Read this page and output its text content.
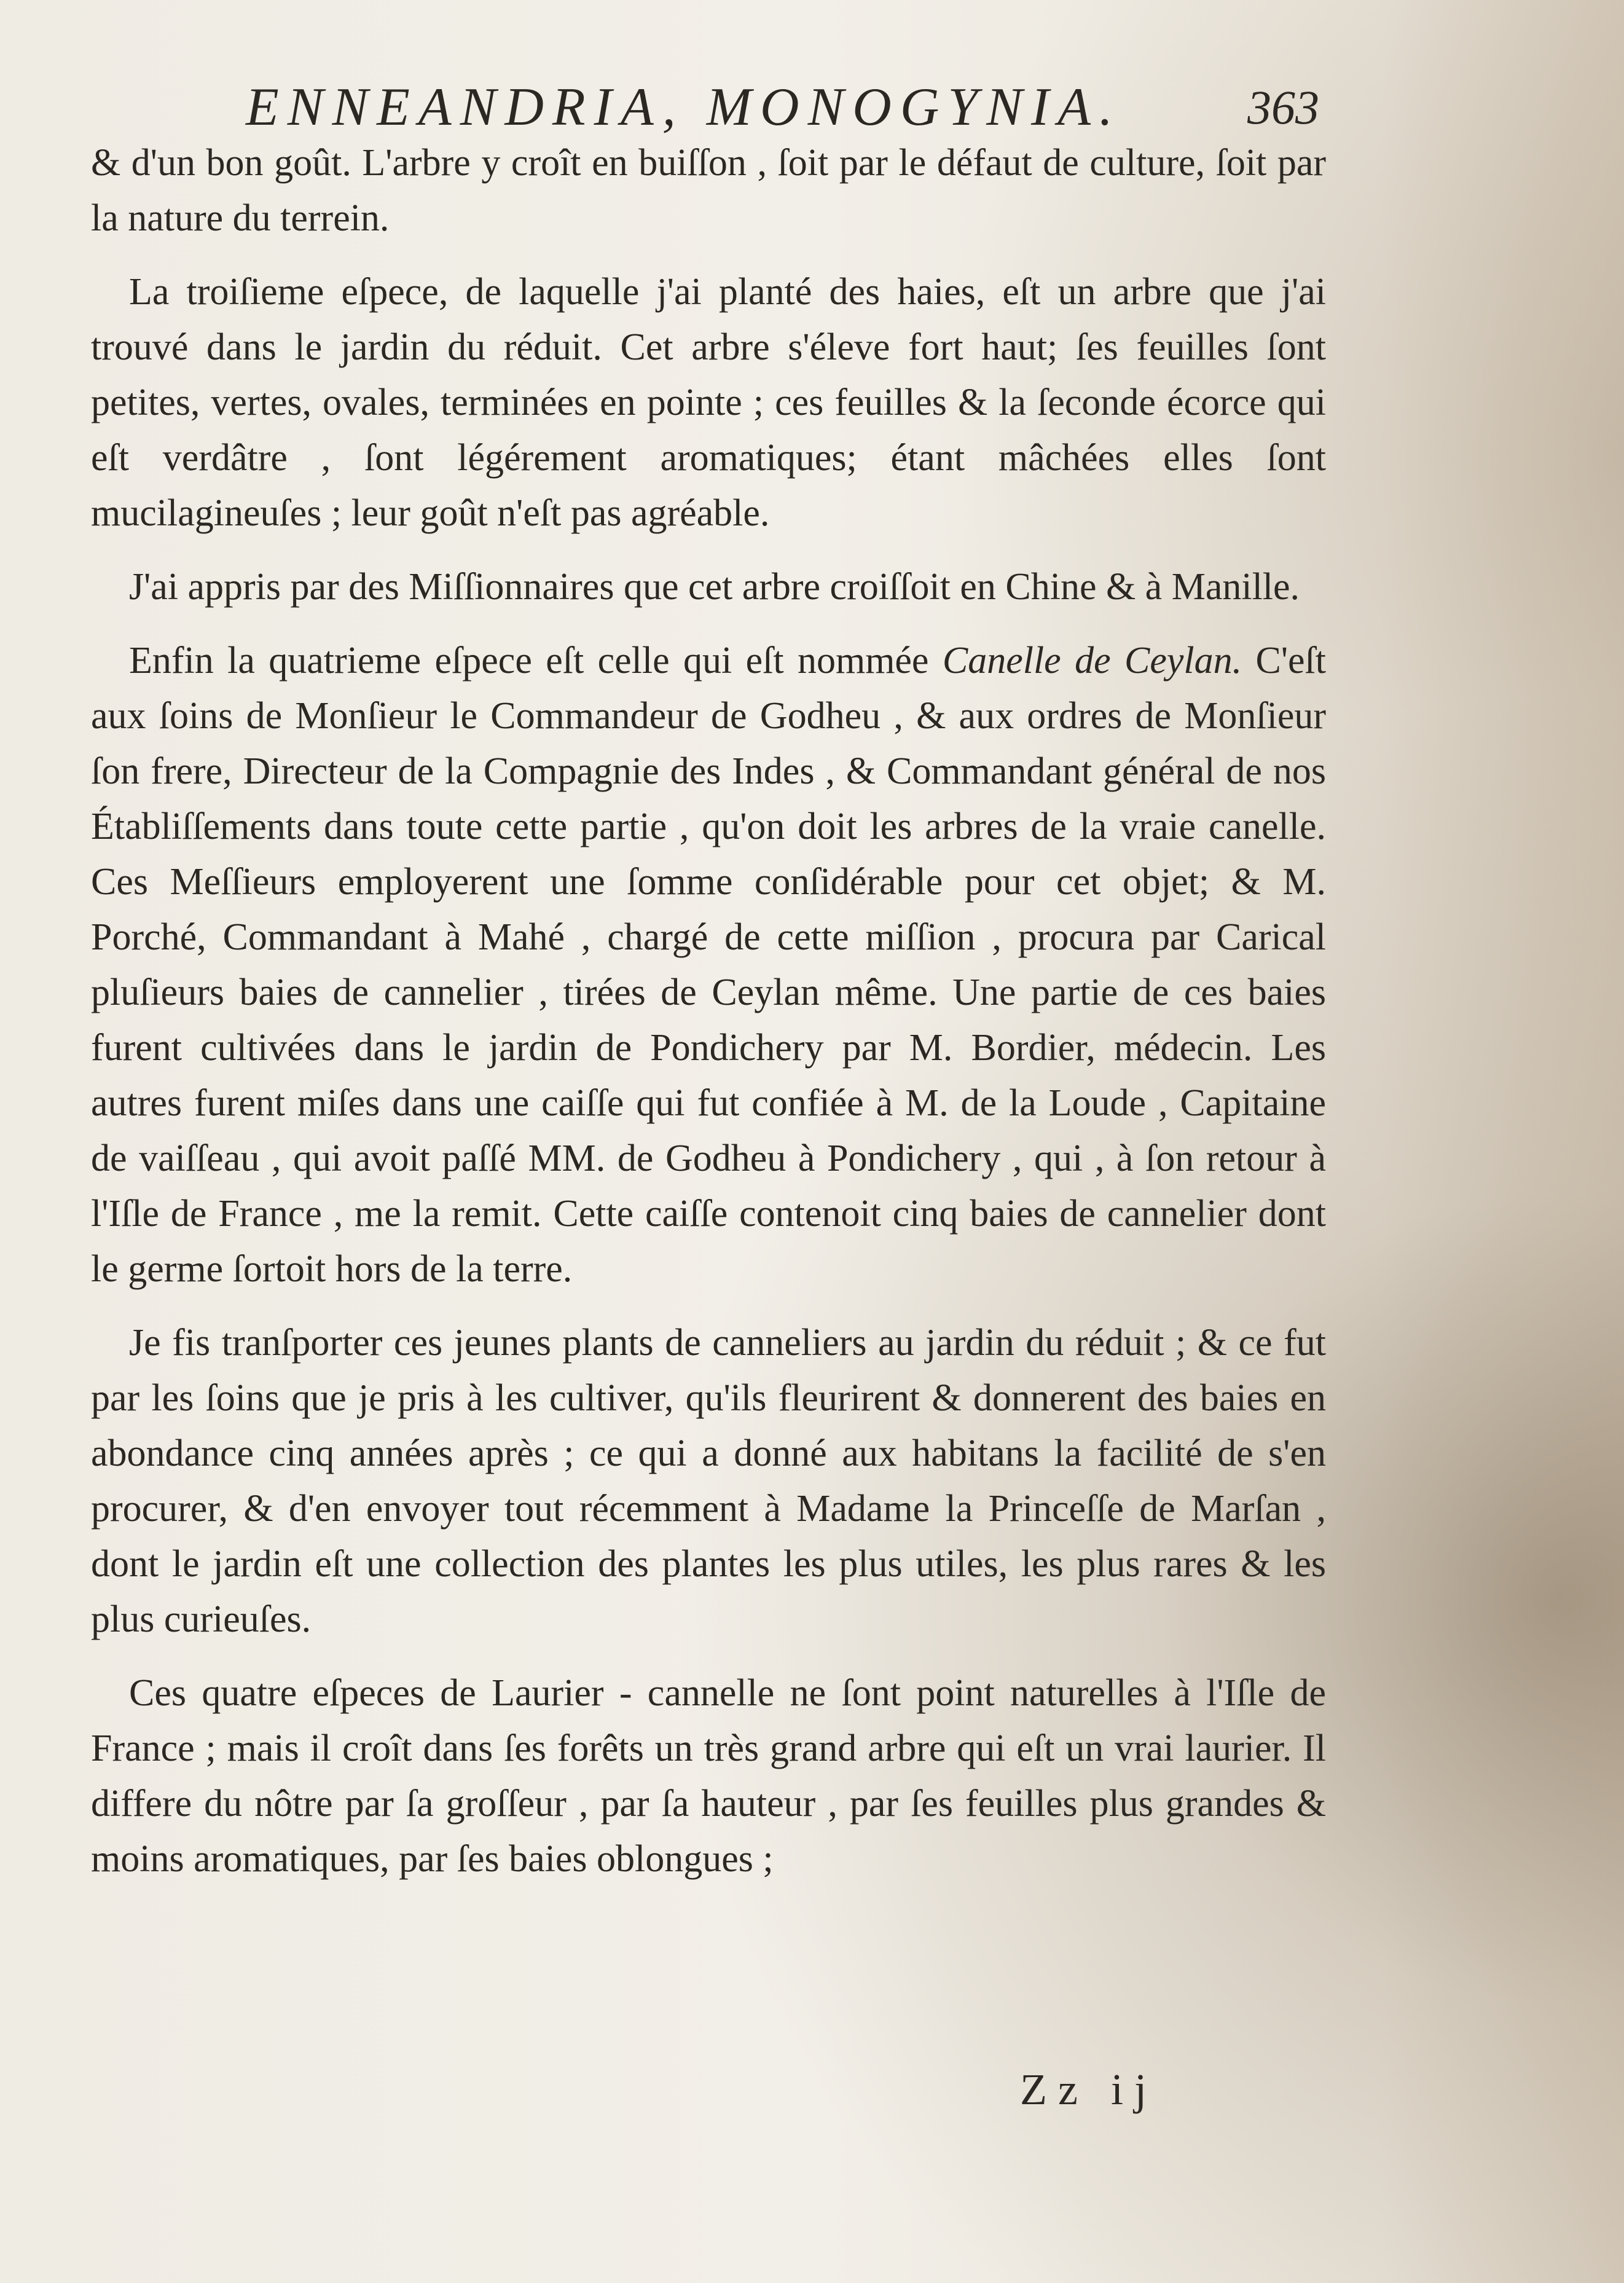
ENNEANDRIA, MONOGYNIA.	363

& d'un bon goût. L'arbre y croît en buiſſon , ſoit par le défaut de culture, ſoit par la nature du terrein.

La troiſieme eſpece, de laquelle j'ai planté des haies, eſt un arbre que j'ai trouvé dans le jardin du réduit. Cet arbre s'éleve fort haut; ſes feuilles ſont petites, vertes, ovales, terminées en pointe ; ces feuilles & la ſeconde écorce qui eſt verdâtre , ſont légérement aromatiques; étant mâchées elles ſont mucilagineuſes ; leur goût n'eſt pas agréable.

J'ai appris par des Miſſionnaires que cet arbre croiſſoit en Chine & à Manille.

Enfin la quatrieme eſpece eſt celle qui eſt nommée Canelle de Ceylan. C'eſt aux ſoins de Monſieur le Commandeur de Godheu , & aux ordres de Monſieur ſon frere, Directeur de la Compagnie des Indes , & Commandant général de nos Établiſſements dans toute cette partie , qu'on doit les arbres de la vraie canelle. Ces Meſſieurs employerent une ſomme conſidérable pour cet objet; & M. Porché, Commandant à Mahé , chargé de cette miſſion , procura par Carical pluſieurs baies de cannelier , tirées de Ceylan même. Une partie de ces baies furent cultivées dans le jardin de Pondichery par M. Bordier, médecin. Les autres furent miſes dans une caiſſe qui fut confiée à M. de la Loude , Capitaine de vaiſſeau , qui avoit paſſé MM. de Godheu à Pondichery , qui , à ſon retour à l'Iſle de France , me la remit. Cette caiſſe contenoit cinq baies de cannelier dont le germe ſortoit hors de la terre.

Je fis tranſporter ces jeunes plants de canneliers au jardin du réduit ; & ce fut par les ſoins que je pris à les cultiver, qu'ils fleurirent & donnerent des baies en abondance cinq années après ; ce qui a donné aux habitans la facilité de s'en procurer, & d'en envoyer tout récemment à Madame la Princeſſe de Marſan , dont le jardin eſt une collection des plantes les plus utiles, les plus rares & les plus curieuſes.

Ces quatre eſpeces de Laurier - cannelle ne ſont point naturelles à l'Iſle de France ; mais il croît dans ſes forêts un très grand arbre qui eſt un vrai laurier. Il differe du nôtre par ſa groſſeur , par ſa hauteur , par ſes feuilles plus grandes & moins aromatiques, par ſes baies oblongues ;

Zz ij
